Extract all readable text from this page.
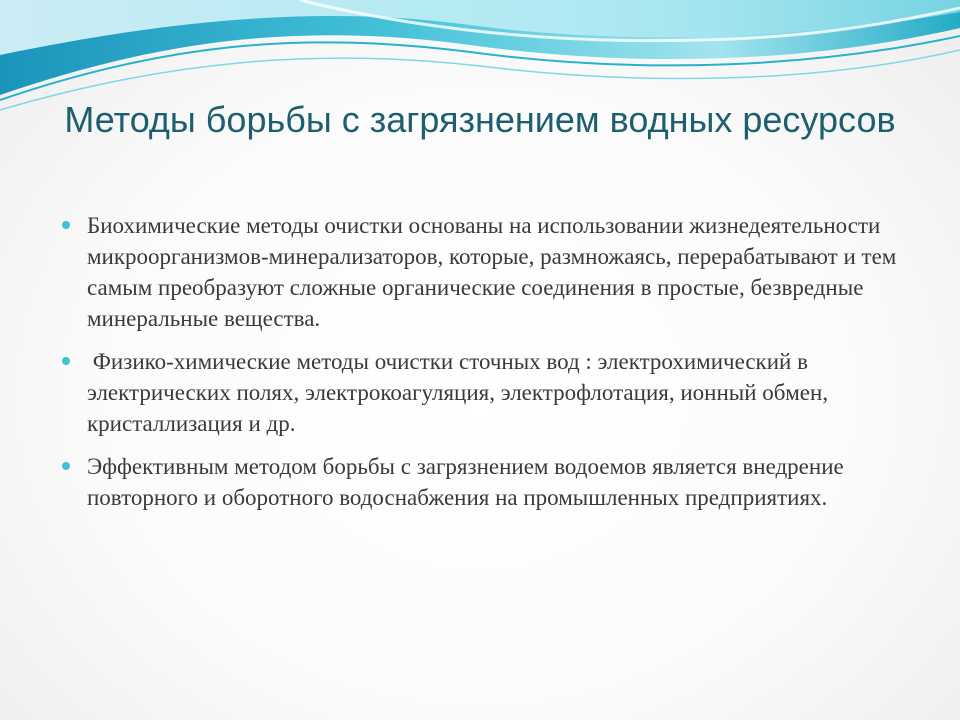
Методы борьбы с загрязнением водных ресурсов
Биохимические методы очистки основаны на использовании жизнедеятельности микроорганизмов-минерализаторов, которые, размножаясь, перерабатывают и тем самым преобразуют сложные органические соединения в простые, безвредные минеральные вещества.
Физико-химические методы очистки сточных вод : электрохимический в электрических полях, электрокоагуляция, электрофлотация, ионный обмен, кристаллизация и др.
Эффективным методом борьбы с загрязнением водоемов является внедрение повторного и оборотного водоснабжения на промышленных предприятиях.
